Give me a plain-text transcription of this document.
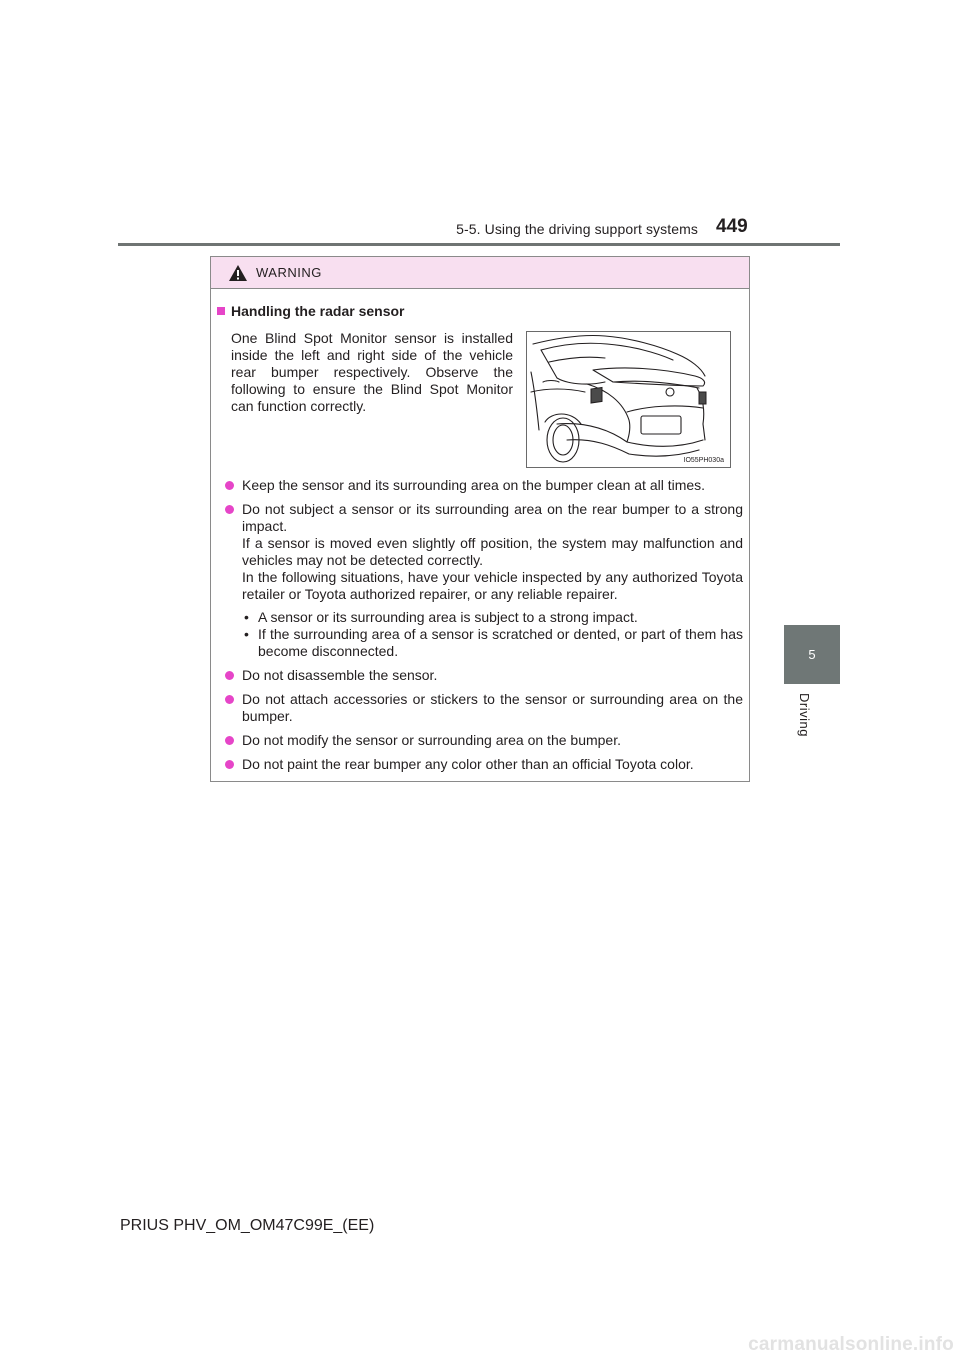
5-5. Using the driving support systems 449
5
Driving
WARNING
Handling the radar sensor
One Blind Spot Monitor sensor is installed inside the left and right side of the vehicle rear bumper respectively. Observe the following to ensure the Blind Spot Monitor can function correctly.
IO55PH030a

Keep the sensor and its surrounding area on the bumper clean at all times.

Do not subject a sensor or its surrounding area on the rear bumper to a strong impact.

If a sensor is moved even slightly off position, the system may malfunction and vehicles may not be detected correctly.

In the following situations, have your vehicle inspected by any authorized Toyota retailer or Toyota authorized repairer, or any reliable repairer.

• A sensor or its surrounding area is subject to a strong impact.
• If the surrounding area of a sensor is scratched or dented, or part of them has become disconnected.

Do not disassemble the sensor.

Do not attach accessories or stickers to the sensor or surrounding area on the bumper.

Do not modify the sensor or surrounding area on the bumper.

Do not paint the rear bumper any color other than an official Toyota color.

PRIUS PHV_OM_OM47C99E_(EE)
carmanualsonline.info
